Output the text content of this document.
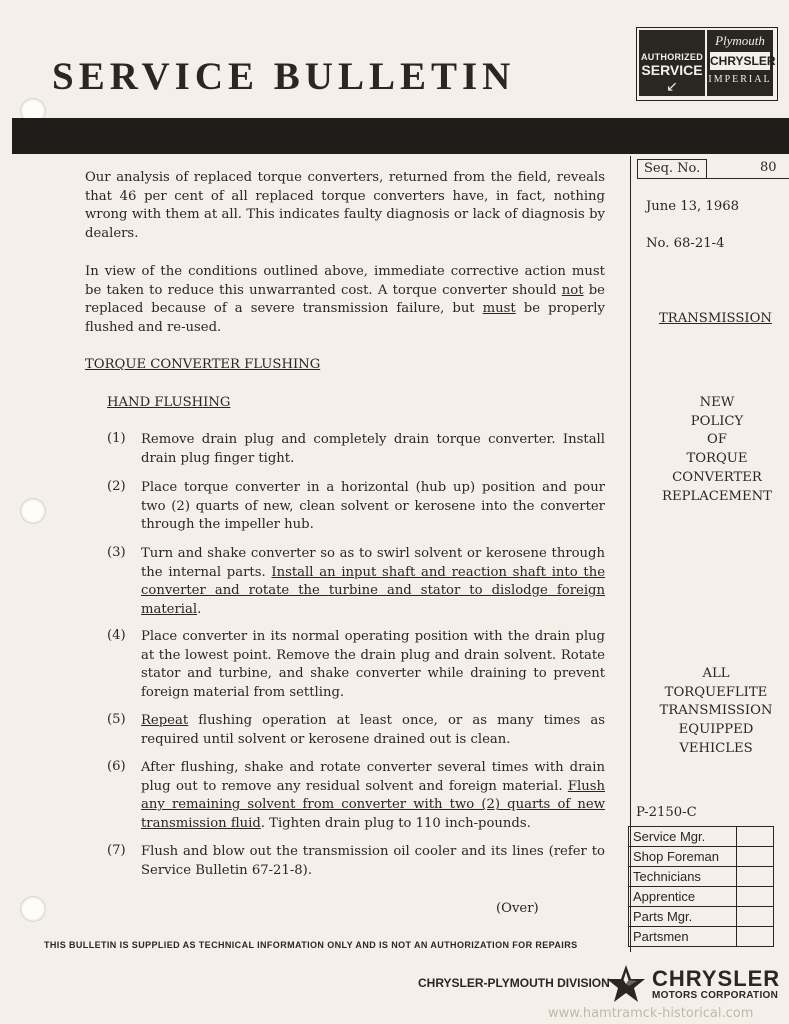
SERVICE BULLETIN	AUTHORIZED
SERVICE
↙
Plymouth
CHRYSLER
IMPERIAL
Our analysis of replaced torque converters, returned from the field, reveals that 46 per cent of all replaced torque converters have, in fact, nothing wrong with them at all. This indicates faulty diagnosis or lack of diagnosis by dealers.
In view of the conditions outlined above, immediate corrective action must be taken to reduce this unwarranted cost. A torque converter should not be replaced because of a severe transmission failure, but must be properly flushed and re-used.
TORQUE CONVERTER FLUSHING
HAND FLUSHING
(1) Remove drain plug and completely drain torque converter. Install drain plug finger tight.
(2) Place torque converter in a horizontal (hub up) position and pour two (2) quarts of new, clean solvent or kerosene into the converter through the impeller hub.
(3) Turn and shake converter so as to swirl solvent or kerosene through the internal parts. Install an input shaft and reaction shaft into the converter and rotate the turbine and stator to dislodge foreign material.
(4) Place converter in its normal operating position with the drain plug at the lowest point. Remove the drain plug and drain solvent. Rotate stator and turbine, and shake converter while draining to prevent foreign material from settling.
(5) Repeat flushing operation at least once, or as many times as required until solvent or kerosene drained out is clean.
(6) After flushing, shake and rotate converter several times with drain plug out to remove any residual solvent and foreign material. Flush any remaining solvent from converter with two (2) quarts of new transmission fluid. Tighten drain plug to 110 inch-pounds.
(7) Flush and blow out the transmission oil cooler and its lines (refer to Service Bulletin 67-21-8).
(Over)
Seq. No.	80
June 13, 1968
No. 68-21-4
TRANSMISSION
NEW
POLICY
OF
TORQUE
CONVERTER
REPLACEMENT
ALL
TORQUEFLITE
TRANSMISSION
EQUIPPED
VEHICLES
P-2150-C
Service Mgr.	
Shop Foreman	
Technicians	
Apprentice	
Parts Mgr.	
Partsmen	
THIS BULLETIN IS SUPPLIED AS TECHNICAL INFORMATION ONLY AND IS NOT AN AUTHORIZATION FOR REPAIRS
CHRYSLER-PLYMOUTH DIVISION CHRYSLER
MOTORS CORPORATION
www.hamtramck-historical.com
